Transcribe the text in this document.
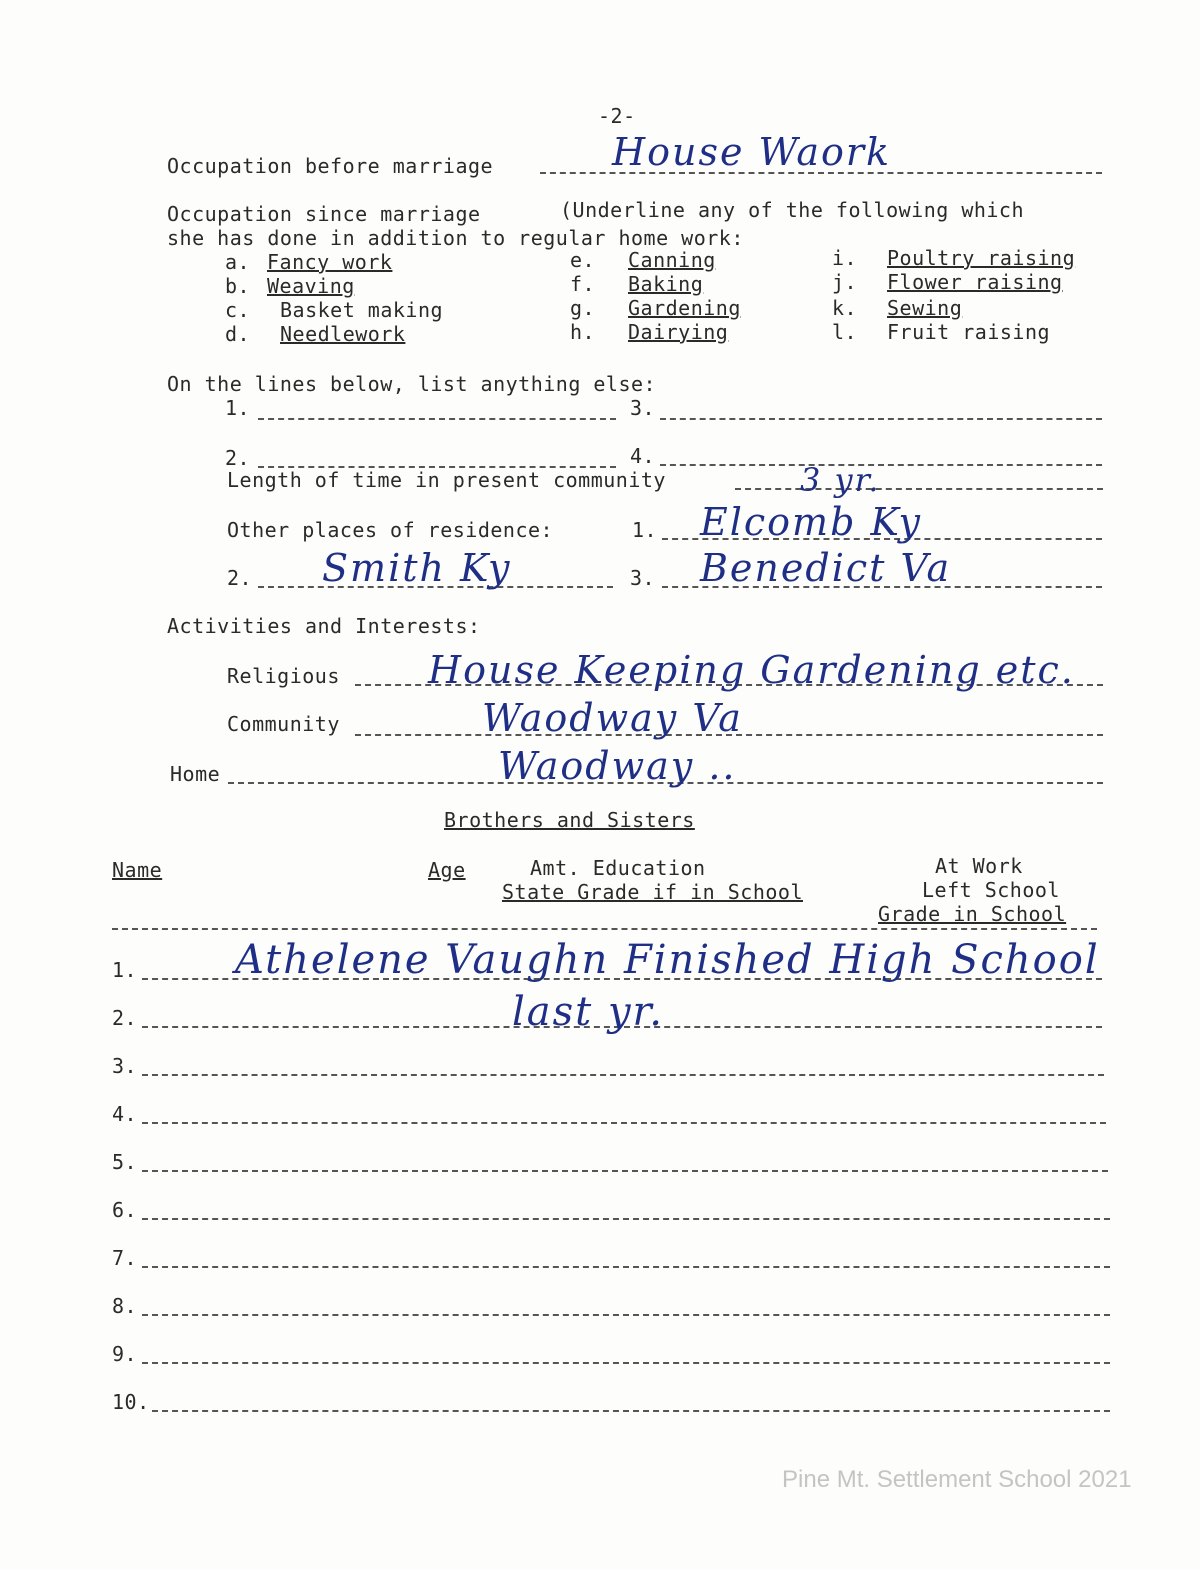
-2-
Occupation before marriage	House Waork
Occupation since marriage	(Underline any of the following which
she has done in addition to regular home work:
a. Fancy work
b. Weaving
c. Basket making
d. Needlework
e. Canning
f. Baking
g. Gardening
h. Dairying
i. Poultry raising
j. Flower raising
k. Sewing
l. Fruit raising
On the lines below, list anything else:
1.	3.
2.	4.
Length of time in present community	3 yr.
Other places of residence:	1. Elcomb Ky
2. Smith Ky	3. Benedict Va
Activities and Interests:
Religious House Keeping Gardening etc.
Community	Waodway Va
Home	Waodway ..
Brothers and Sisters
Name	Age	Amt. Education
State Grade if in School
At Work
Left School
Grade in School
1. Athelene Vaughn Finished High School
2.	last yr.
3.
4.
5.
6.
7.
8.
9.
10.
Pine Mt. Settlement School 2021
